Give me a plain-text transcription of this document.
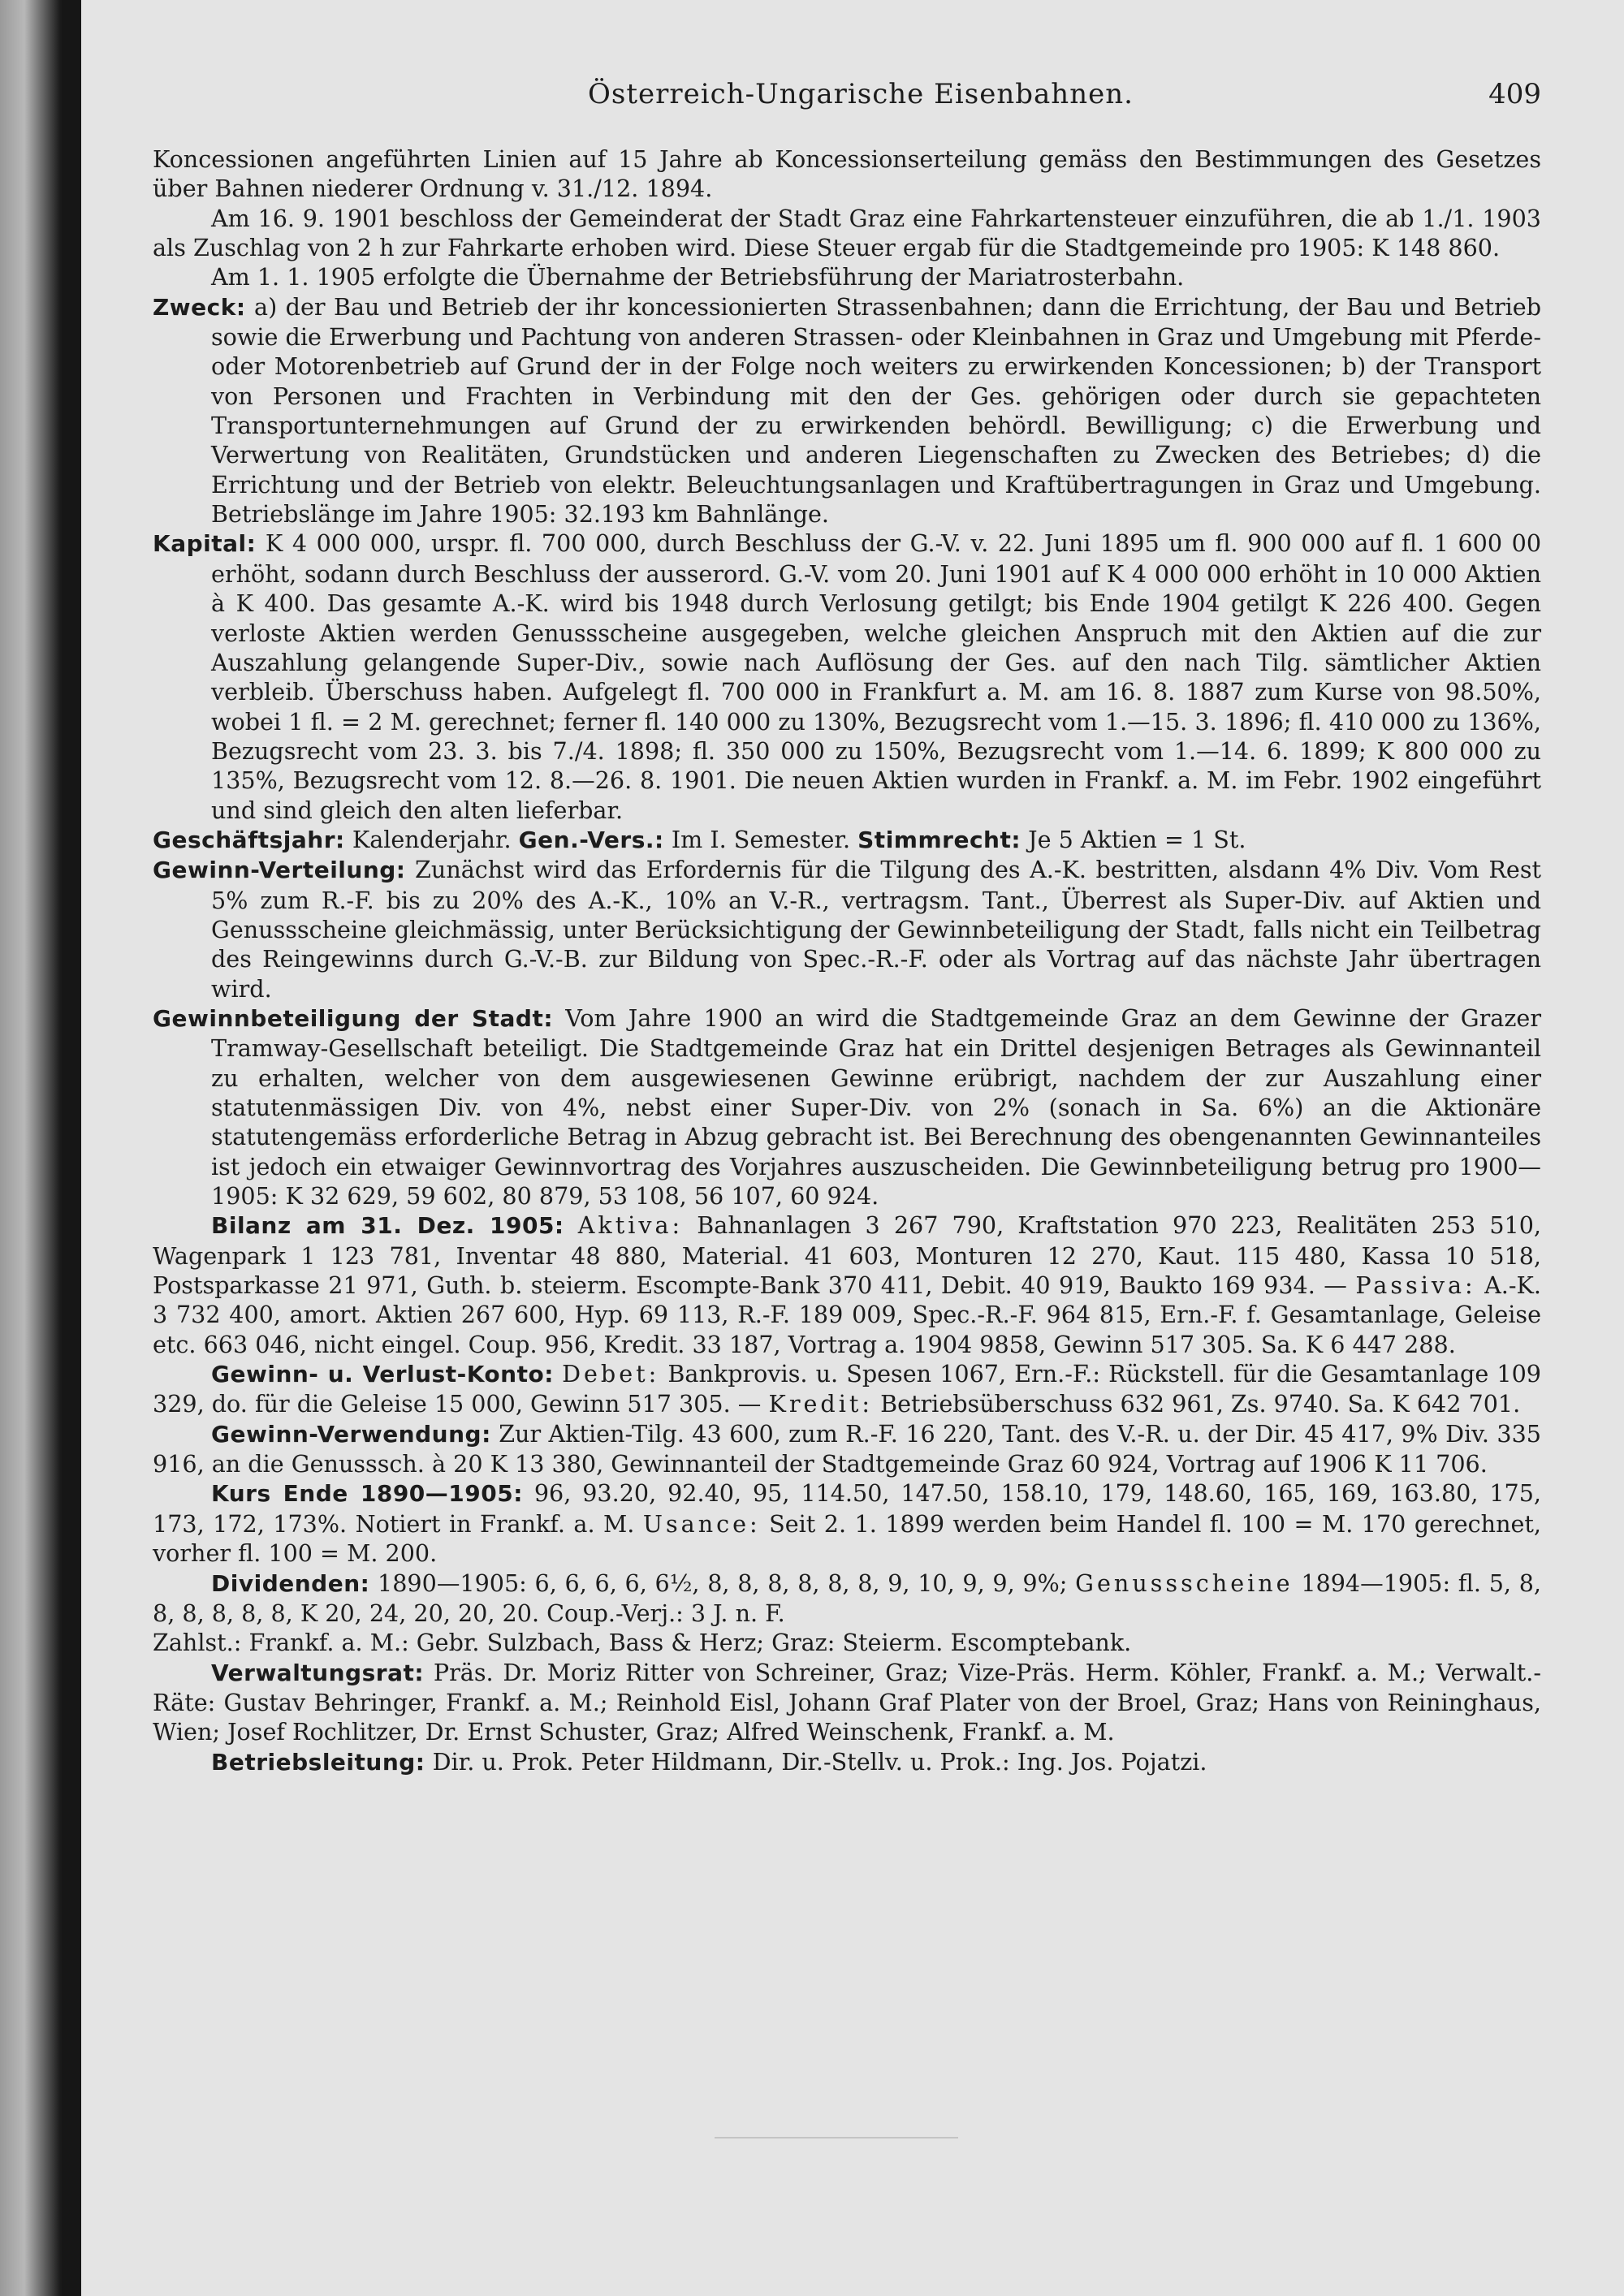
Österreich-Ungarische Eisenbahnen.	409

Koncessionen angeführten Linien auf 15 Jahre ab Koncessionserteilung gemäss den Bestimmungen des Gesetzes über Bahnen niederer Ordnung v. 31./12. 1894.

Am 16. 9. 1901 beschloss der Gemeinderat der Stadt Graz eine Fahrkartensteuer einzuführen, die ab 1./1. 1903 als Zuschlag von 2 h zur Fahrkarte erhoben wird. Diese Steuer ergab für die Stadtgemeinde pro 1905: K 148 860.

Am 1. 1. 1905 erfolgte die Übernahme der Betriebsführung der Mariatrosterbahn.

Zweck: a) der Bau und Betrieb der ihr koncessionierten Strassenbahnen; dann die Errichtung, der Bau und Betrieb sowie die Erwerbung und Pachtung von anderen Strassen- oder Kleinbahnen in Graz und Umgebung mit Pferde- oder Motorenbetrieb auf Grund der in der Folge noch weiters zu erwirkenden Koncessionen; b) der Transport von Personen und Frachten in Verbindung mit den der Ges. gehörigen oder durch sie gepachteten Transportunternehmungen auf Grund der zu erwirkenden behördl. Bewilligung; c) die Erwerbung und Verwertung von Realitäten, Grundstücken und anderen Liegenschaften zu Zwecken des Betriebes; d) die Errichtung und der Betrieb von elektr. Beleuchtungsanlagen und Kraftübertragungen in Graz und Umgebung. Betriebslänge im Jahre 1905: 32.193 km Bahnlänge.

Kapital: K 4 000 000, urspr. fl. 700 000, durch Beschluss der G.-V. v. 22. Juni 1895 um fl. 900 000 auf fl. 1 600 00 erhöht, sodann durch Beschluss der ausserord. G.-V. vom 20. Juni 1901 auf K 4 000 000 erhöht in 10 000 Aktien à K 400. Das gesamte A.-K. wird bis 1948 durch Verlosung getilgt; bis Ende 1904 getilgt K 226 400. Gegen verloste Aktien werden Genussscheine ausgegeben, welche gleichen Anspruch mit den Aktien auf die zur Auszahlung gelangende Super-Div., sowie nach Auflösung der Ges. auf den nach Tilg. sämtlicher Aktien verbleib. Überschuss haben. Aufgelegt fl. 700 000 in Frankfurt a. M. am 16. 8. 1887 zum Kurse von 98.50%, wobei 1 fl. = 2 M. gerechnet; ferner fl. 140 000 zu 130%, Bezugsrecht vom 1.—15. 3. 1896; fl. 410 000 zu 136%, Bezugsrecht vom 23. 3. bis 7./4. 1898; fl. 350 000 zu 150%, Bezugsrecht vom 1.—14. 6. 1899; K 800 000 zu 135%, Bezugsrecht vom 12. 8.—26. 8. 1901. Die neuen Aktien wurden in Frankf. a. M. im Febr. 1902 eingeführt und sind gleich den alten lieferbar.

Geschäftsjahr: Kalenderjahr. Gen.-Vers.: Im I. Semester. Stimmrecht: Je 5 Aktien = 1 St.

Gewinn-Verteilung: Zunächst wird das Erfordernis für die Tilgung des A.-K. bestritten, alsdann 4% Div. Vom Rest 5% zum R.-F. bis zu 20% des A.-K., 10% an V.-R., vertragsm. Tant., Überrest als Super-Div. auf Aktien und Genussscheine gleichmässig, unter Berücksichtigung der Gewinnbeteiligung der Stadt, falls nicht ein Teilbetrag des Reingewinns durch G.-V.-B. zur Bildung von Spec.-R.-F. oder als Vortrag auf das nächste Jahr übertragen wird.

Gewinnbeteiligung der Stadt: Vom Jahre 1900 an wird die Stadtgemeinde Graz an dem Gewinne der Grazer Tramway-Gesellschaft beteiligt. Die Stadtgemeinde Graz hat ein Drittel desjenigen Betrages als Gewinnanteil zu erhalten, welcher von dem ausgewiesenen Gewinne erübrigt, nachdem der zur Auszahlung einer statutenmässigen Div. von 4%, nebst einer Super-Div. von 2% (sonach in Sa. 6%) an die Aktionäre statutengemäss erforderliche Betrag in Abzug gebracht ist. Bei Berechnung des obengenannten Gewinnanteiles ist jedoch ein etwaiger Gewinnvortrag des Vorjahres auszuscheiden. Die Gewinnbeteiligung betrug pro 1900—1905: K 32 629, 59 602, 80 879, 53 108, 56 107, 60 924.

Bilanz am 31. Dez. 1905: Aktiva: Bahnanlagen 3 267 790, Kraftstation 970 223, Realitäten 253 510, Wagenpark 1 123 781, Inventar 48 880, Material. 41 603, Monturen 12 270, Kaut. 115 480, Kassa 10 518, Postsparkasse 21 971, Guth. b. steierm. Escompte-Bank 370 411, Debit. 40 919, Baukto 169 934. — Passiva: A.-K. 3 732 400, amort. Aktien 267 600, Hyp. 69 113, R.-F. 189 009, Spec.-R.-F. 964 815, Ern.-F. f. Gesamtanlage, Geleise etc. 663 046, nicht eingel. Coup. 956, Kredit. 33 187, Vortrag a. 1904 9858, Gewinn 517 305. Sa. K 6 447 288.

Gewinn- u. Verlust-Konto: Debet: Bankprovis. u. Spesen 1067, Ern.-F.: Rückstell. für die Gesamtanlage 109 329, do. für die Geleise 15 000, Gewinn 517 305. — Kredit: Betriebsüberschuss 632 961, Zs. 9740. Sa. K 642 701.

Gewinn-Verwendung: Zur Aktien-Tilg. 43 600, zum R.-F. 16 220, Tant. des V.-R. u. der Dir. 45 417, 9% Div. 335 916, an die Genusssch. à 20 K 13 380, Gewinnanteil der Stadtgemeinde Graz 60 924, Vortrag auf 1906 K 11 706.

Kurs Ende 1890—1905: 96, 93.20, 92.40, 95, 114.50, 147.50, 158.10, 179, 148.60, 165, 169, 163.80, 175, 173, 172, 173%. Notiert in Frankf. a. M. Usance: Seit 2. 1. 1899 werden beim Handel fl. 100 = M. 170 gerechnet, vorher fl. 100 = M. 200.

Dividenden: 1890—1905: 6, 6, 6, 6, 6½, 8, 8, 8, 8, 8, 8, 9, 10, 9, 9, 9%; Genussscheine 1894—1905: fl. 5, 8, 8, 8, 8, 8, 8, K 20, 24, 20, 20, 20. Coup.-Verj.: 3 J. n. F.

Zahlst.: Frankf. a. M.: Gebr. Sulzbach, Bass & Herz; Graz: Steierm. Escomptebank.

Verwaltungsrat: Präs. Dr. Moriz Ritter von Schreiner, Graz; Vize-Präs. Herm. Köhler, Frankf. a. M.; Verwalt.-Räte: Gustav Behringer, Frankf. a. M.; Reinhold Eisl, Johann Graf Plater von der Broel, Graz; Hans von Reininghaus, Wien; Josef Rochlitzer, Dr. Ernst Schuster, Graz; Alfred Weinschenk, Frankf. a. M.

Betriebsleitung: Dir. u. Prok. Peter Hildmann, Dir.-Stellv. u. Prok.: Ing. Jos. Pojatzi.
